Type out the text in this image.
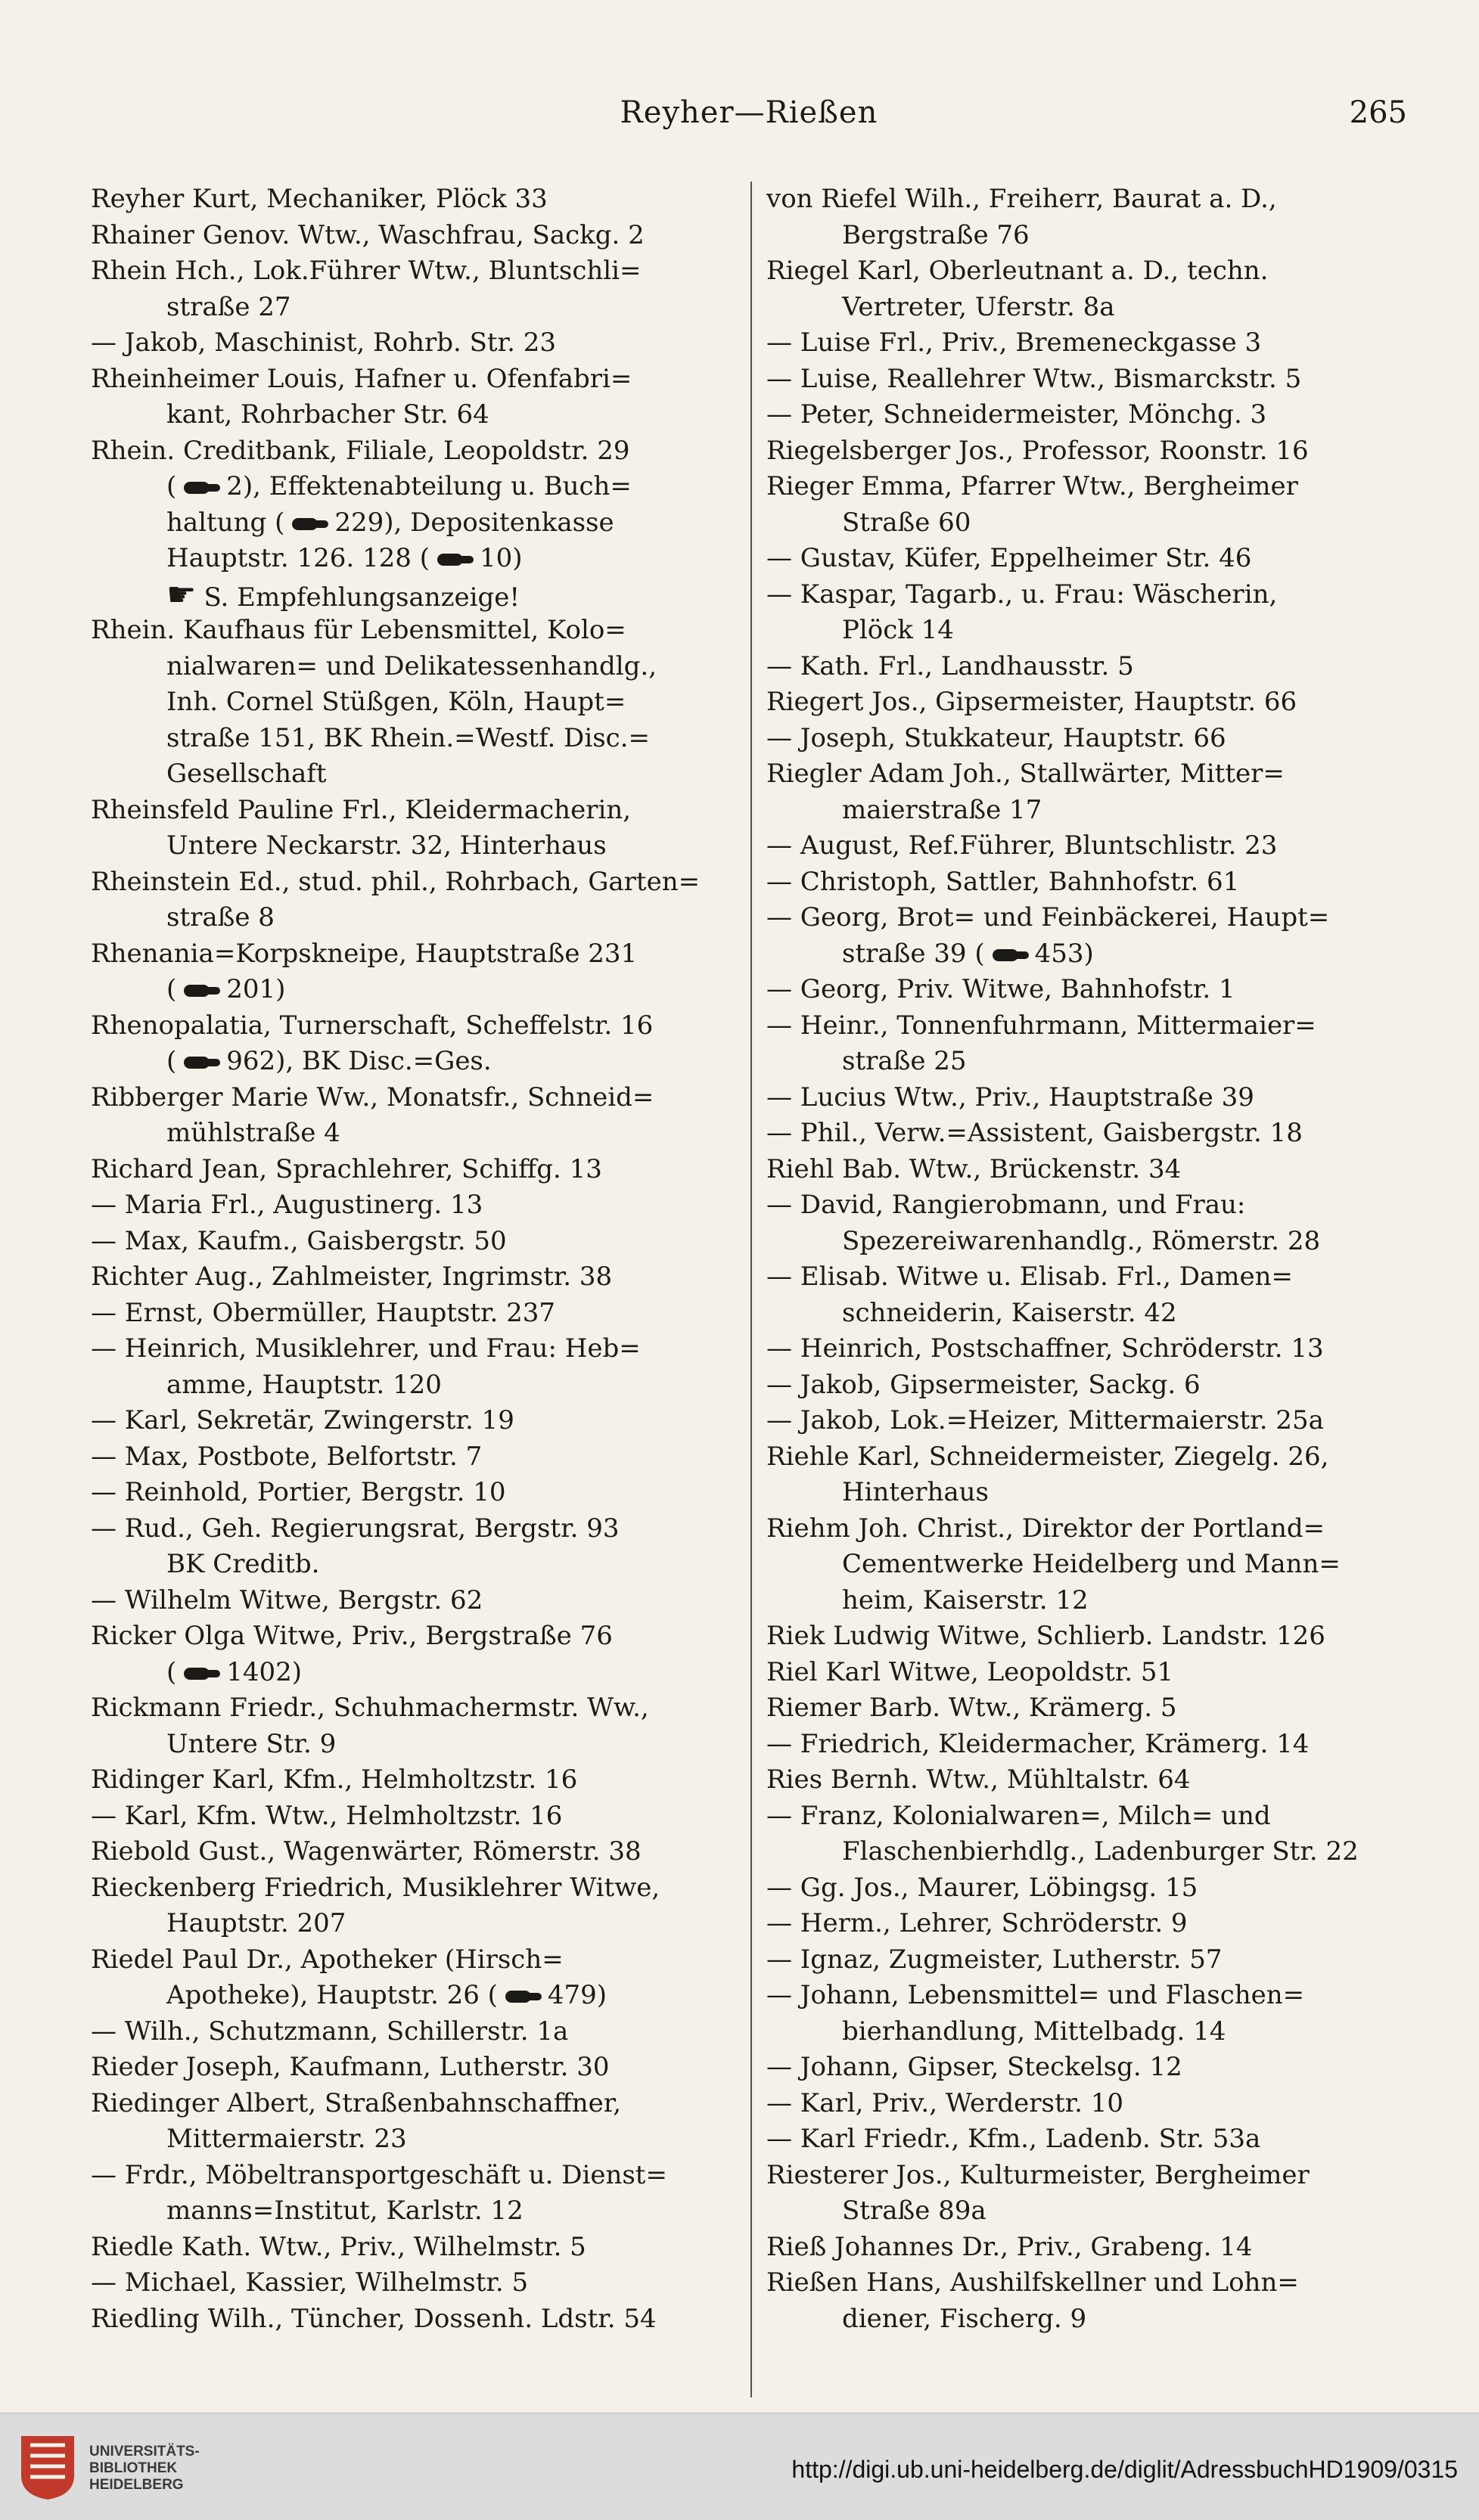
Reyher—Rießen	265
Reyher Kurt, Mechaniker, Plöck 33
Rhainer Genov. Wtw., Waschfrau, Sackg. 2
Rhein Hch., Lok.Führer Wtw., Bluntschli=
straße 27
— Jakob, Maschinist, Rohrb. Str. 23
Rheinheimer Louis, Hafner u. Ofenfabri=
kant, Rohrbacher Str. 64
Rhein. Creditbank, Filiale, Leopoldstr. 29
( 2), Effektenabteilung u. Buch=
haltung ( 229), Depositenkasse
Hauptstr. 126. 128 ( 10)
☛ S. Empfehlungsanzeige!
Rhein. Kaufhaus für Lebensmittel, Kolo=
nialwaren= und Delikatessenhandlg.,
Inh. Cornel Stüßgen, Köln, Haupt=
straße 151, BK Rhein.=Westf. Disc.=
Gesellschaft
Rheinsfeld Pauline Frl., Kleidermacherin,
Untere Neckarstr. 32, Hinterhaus
Rheinstein Ed., stud. phil., Rohrbach, Garten=
straße 8
Rhenania=Korpskneipe, Hauptstraße 231
( 201)
Rhenopalatia, Turnerschaft, Scheffelstr. 16
( 962), BK Disc.=Ges.
Ribberger Marie Ww., Monatsfr., Schneid=
mühlstraße 4
Richard Jean, Sprachlehrer, Schiffg. 13
— Maria Frl., Augustinerg. 13
— Max, Kaufm., Gaisbergstr. 50
Richter Aug., Zahlmeister, Ingrimstr. 38
— Ernst, Obermüller, Hauptstr. 237
— Heinrich, Musiklehrer, und Frau: Heb=
amme, Hauptstr. 120
— Karl, Sekretär, Zwingerstr. 19
— Max, Postbote, Belfortstr. 7
— Reinhold, Portier, Bergstr. 10
— Rud., Geh. Regierungsrat, Bergstr. 93
BK Creditb.
— Wilhelm Witwe, Bergstr. 62
Ricker Olga Witwe, Priv., Bergstraße 76
( 1402)
Rickmann Friedr., Schuhmachermstr. Ww.,
Untere Str. 9
Ridinger Karl, Kfm., Helmholtzstr. 16
— Karl, Kfm. Wtw., Helmholtzstr. 16
Riebold Gust., Wagenwärter, Römerstr. 38
Rieckenberg Friedrich, Musiklehrer Witwe,
Hauptstr. 207
Riedel Paul Dr., Apotheker (Hirsch=
Apotheke), Hauptstr. 26 ( 479)
— Wilh., Schutzmann, Schillerstr. 1a
Rieder Joseph, Kaufmann, Lutherstr. 30
Riedinger Albert, Straßenbahnschaffner,
Mittermaierstr. 23
— Frdr., Möbeltransportgeschäft u. Dienst=
manns=Institut, Karlstr. 12
Riedle Kath. Wtw., Priv., Wilhelmstr. 5
— Michael, Kassier, Wilhelmstr. 5
Riedling Wilh., Tüncher, Dossenh. Ldstr. 54
von Riefel Wilh., Freiherr, Baurat a. D.,
Bergstraße 76
Riegel Karl, Oberleutnant a. D., techn.
Vertreter, Uferstr. 8a
— Luise Frl., Priv., Bremeneckgasse 3
— Luise, Reallehrer Wtw., Bismarckstr. 5
— Peter, Schneidermeister, Mönchg. 3
Riegelsberger Jos., Professor, Roonstr. 16
Rieger Emma, Pfarrer Wtw., Bergheimer
Straße 60
— Gustav, Küfer, Eppelheimer Str. 46
— Kaspar, Tagarb., u. Frau: Wäscherin,
Plöck 14
— Kath. Frl., Landhausstr. 5
Riegert Jos., Gipsermeister, Hauptstr. 66
— Joseph, Stukkateur, Hauptstr. 66
Riegler Adam Joh., Stallwärter, Mitter=
maierstraße 17
— August, Ref.Führer, Bluntschlistr. 23
— Christoph, Sattler, Bahnhofstr. 61
— Georg, Brot= und Feinbäckerei, Haupt=
straße 39 ( 453)
— Georg, Priv. Witwe, Bahnhofstr. 1
— Heinr., Tonnenfuhrmann, Mittermaier=
straße 25
— Lucius Wtw., Priv., Hauptstraße 39
— Phil., Verw.=Assistent, Gaisbergstr. 18
Riehl Bab. Wtw., Brückenstr. 34
— David, Rangierobmann, und Frau:
Spezereiwarenhandlg., Römerstr. 28
— Elisab. Witwe u. Elisab. Frl., Damen=
schneiderin, Kaiserstr. 42
— Heinrich, Postschaffner, Schröderstr. 13
— Jakob, Gipsermeister, Sackg. 6
— Jakob, Lok.=Heizer, Mittermaierstr. 25a
Riehle Karl, Schneidermeister, Ziegelg. 26,
Hinterhaus
Riehm Joh. Christ., Direktor der Portland=
Cementwerke Heidelberg und Mann=
heim, Kaiserstr. 12
Riek Ludwig Witwe, Schlierb. Landstr. 126
Riel Karl Witwe, Leopoldstr. 51
Riemer Barb. Wtw., Krämerg. 5
— Friedrich, Kleidermacher, Krämerg. 14
Ries Bernh. Wtw., Mühltalstr. 64
— Franz, Kolonialwaren=, Milch= und
Flaschenbierhdlg., Ladenburger Str. 22
— Gg. Jos., Maurer, Löbingsg. 15
— Herm., Lehrer, Schröderstr. 9
— Ignaz, Zugmeister, Lutherstr. 57
— Johann, Lebensmittel= und Flaschen=
bierhandlung, Mittelbadg. 14
— Johann, Gipser, Steckelsg. 12
— Karl, Priv., Werderstr. 10
— Karl Friedr., Kfm., Ladenb. Str. 53a
Riesterer Jos., Kulturmeister, Bergheimer
Straße 89a
Rieß Johannes Dr., Priv., Grabeng. 14
Rießen Hans, Aushilfskellner und Lohn=
diener, Fischerg. 9
UNIVERSITÄTS-
BIBLIOTHEK
HEIDELBERG
http://digi.ub.uni-heidelberg.de/diglit/AdressbuchHD1909/0315
